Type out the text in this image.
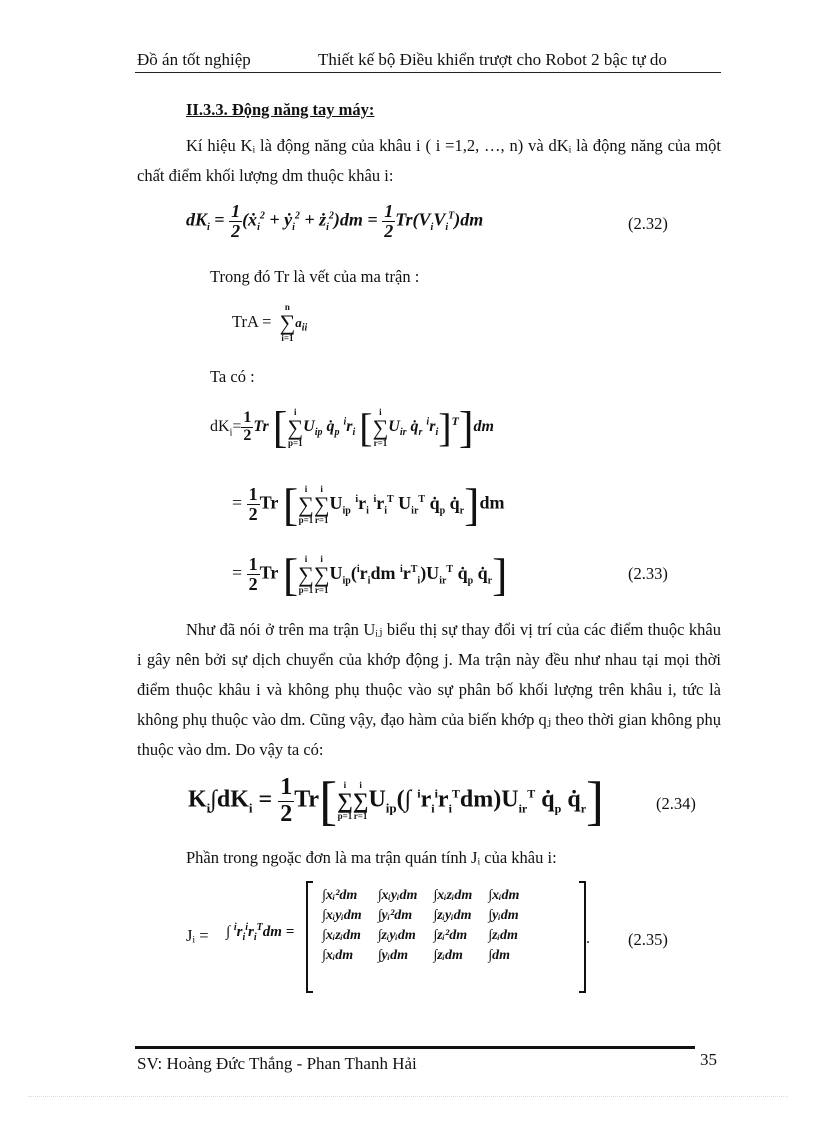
Đồ án tốt nghiệp	Thiết kế bộ Điều khiển trượt cho Robot 2 bậc tự do
II.3.3. Động năng tay máy:
Kí hiệu Kᵢ là động năng của khâu i ( i =1,2, …, n) và dKᵢ là động năng của một chất điểm khối lượng dm thuộc khâu i:
$dK_i = \frac{1}{2}$ (ẋ$_i^2$ + ẏ$_i^2$ + $ż_i^2)dm = \frac{1}{2} Tr(V_iV_i^T)dm$	(2.32)
Trong đó Tr là vết của ma trận :
TrA =
n
∑
i=1
$a_{ii}$
Ta có :
$dK_i= \frac{1}{2}$ Tr [ i
∑
p=1
$U_{ip}$ $q̇_p$ $^ir_i$ [ i
∑
r=1
$U_{ir}$ $q̇_r$ $^ir_i]^T]dm$
= $\frac{1}{2}$ Tr [ i
∑
p=1
i
∑
r=1
$U_{ip}$ $^ir_i$ $^ir_i^T$ $U_{ir}^T$ $q̇_p$ $q̇_r]dm$
= $\frac{1}{2}$ Tr [ i
∑
p=1
i
∑
r=1
$U_{ip}(^ir_idm$ $^ir^T_i)U_{ir}^T$ $q̇_p$ $q̇_r$]	(2.33)
Như đã nói ở trên ma trận Uᵢⱼ biểu thị sự thay đổi vị trí của các điểm thuộc khâu i gây nên bởi sự dịch chuyển của khớp động j. Ma trận này đều như nhau tại mọi thời điểm thuộc khâu i và không phụ thuộc vào sự phân bố khối lượng trên khâu i, tức là không phụ thuộc vào dm. Cũng vậy, đạo hàm của biến khớp qⱼ theo thời gian không phụ thuộc vào dm. Do vậy ta có:
$K_i\int dK_i = \frac{1}{2} Tr$[ i
∑
p=1
i
∑
r=1
$U_{ip}(\int$ $^ir_i^ir_i^Tdm)U_{ir}^T$ $q̇_p$ $q̇_r$]	(2.34)
Phần trong ngoặc đơn là ma trận quán tính Jᵢ của khâu i:
Jᵢ = ∫ $^ir_i^ir_i^Tdm$ =
∫xᵢ²dm	∫xᵢyᵢdm	∫xᵢzᵢdm	∫xᵢdm
∫xᵢyᵢdm	∫yᵢ²dm	∫zᵢyᵢdm	∫yᵢdm
∫xᵢzᵢdm	∫zᵢyᵢdm	∫zᵢ²dm	∫zᵢdm
∫xᵢdm	∫yᵢdm	∫zᵢdm	∫dm
. (2.35)
SV: Hoàng Đức Thắng - Phan Thanh Hải	35
